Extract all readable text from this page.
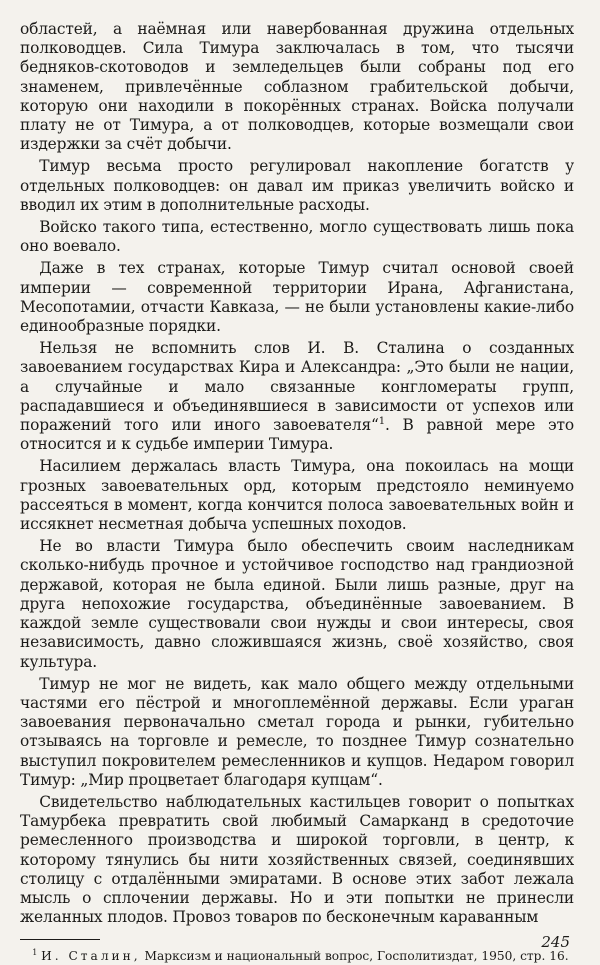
областей, а наёмная или навербованная дружина отдельных полководцев. Сила Тимура заключалась в том, что тысячи бедняков-скотоводов и земледельцев были собраны под его знаменем, привлечённые соблазном грабительской добычи, которую они находили в покорённых странах. Войска получали плату не от Тимура, а от полководцев, которые возмещали свои издержки за счёт добычи.

Тимур весьма просто регулировал накопление богатств у отдельных полководцев: он давал им приказ увеличить войско и вводил их этим в дополнительные расходы.

Войско такого типа, естественно, могло существовать лишь пока оно воевало.

Даже в тех странах, которые Тимур считал основой своей империи — современной территории Ирана, Афганистана, Месопотамии, отчасти Кавказа, — не были установлены какие-либо единообразные порядки.

Нельзя не вспомнить слов И. В. Сталина о созданных завоеванием государствах Кира и Александра: „Это были не нации, а случайные и мало связанные конгломераты групп, распадавшиеся и объединявшиеся в зависимости от успехов или поражений того или иного завоевателя“$^1$. В равной мере это относится и к судьбе империи Тимура.

Насилием держалась власть Тимура, она покоилась на мощи грозных завоевательных орд, которым предстояло неминуемо рассеяться в момент, когда кончится полоса завоевательных войн и иссякнет несметная добыча успешных походов.

Не во власти Тимура было обеспечить своим наследникам сколько-нибудь прочное и устойчивое господство над грандиозной державой, которая не была единой. Были лишь разные, друг на друга непохожие государства, объединённые завоеванием. В каждой земле существовали свои нужды и свои интересы, своя независимость, давно сложившаяся жизнь, своё хозяйство, своя культура.

Тимур не мог не видеть, как мало общего между отдельными частями его пёстрой и многоплемённой державы. Если ураган завоевания первоначально сметал города и рынки, губительно отзываясь на торговле и ремесле, то позднее Тимур сознательно выступил покровителем ремесленников и купцов. Недаром говорил Тимур: „Мир процветает благодаря купцам“.

Свидетельство наблюдательных кастильцев говорит о попытках Тамурбека превратить свой любимый Самарканд в средоточие ремесленного производства и широкой торговли, в центр, к которому тянулись бы нити хозяйственных связей, соединявших столицу с отдалёнными эмиратами. В основе этих забот лежала мысль о сплочении державы. Но и эти попытки не принесли желанных плодов. Провоз товаров по бесконечным караванным

$^1$ И. Сталин, Марксизм и национальный вопрос, Госполитиздат, 1950, стр. 16.

245
